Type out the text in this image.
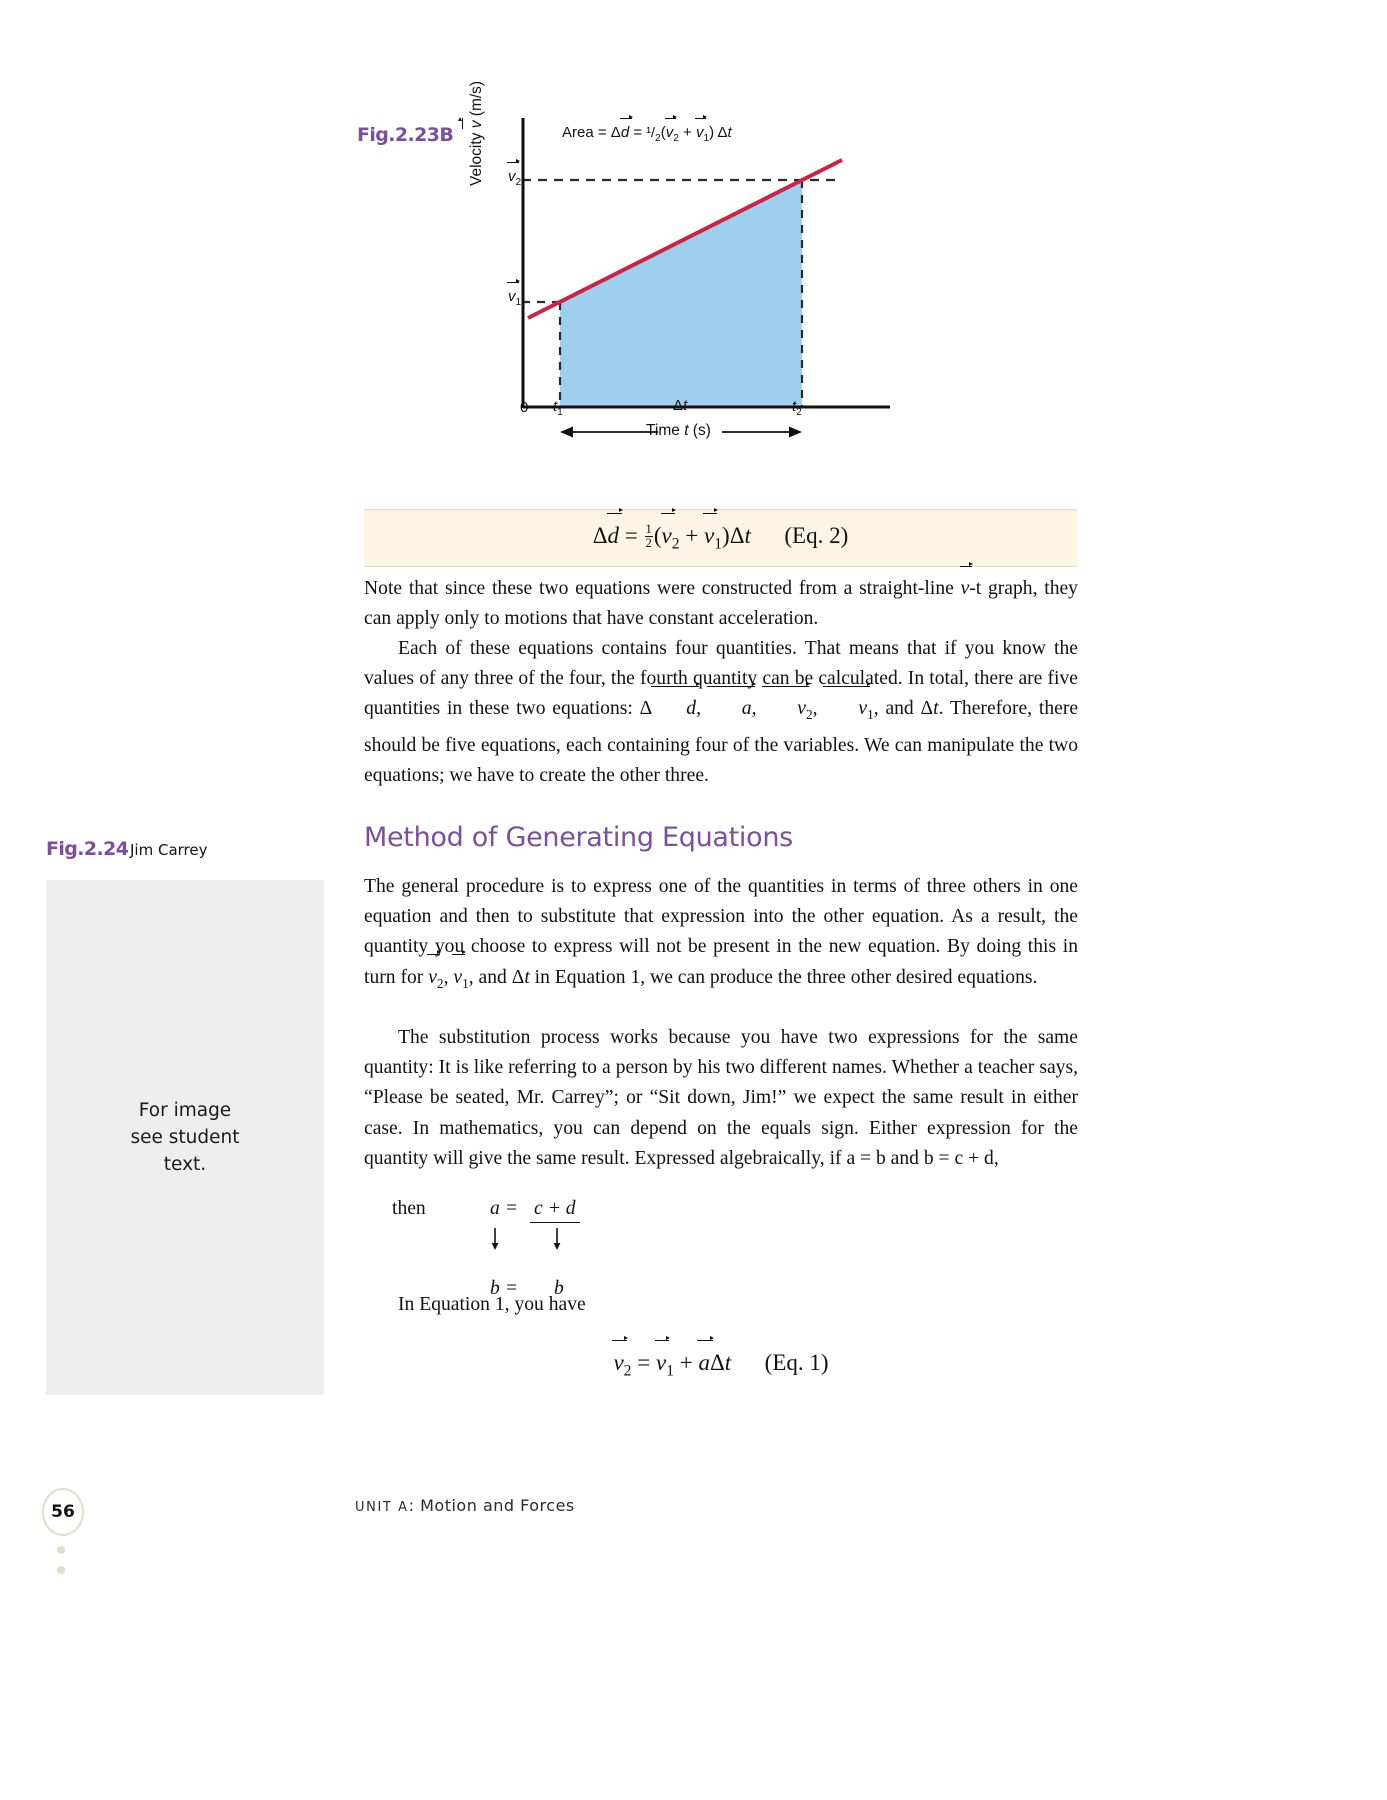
Fig.2.23B	Area = $\Delta d = ^1/_2(v_2 + v_1)$ Δt
Velocity v (m/s)
$v_2$
$v_1$
0 $t_1$	Δt	$t_2$
Time t (s)
$\Delta d = \frac{1}{2} (v_2 + v_1)\Delta t$ (Eq. 2)

Note that since these two equations were constructed from a straight-line v-t graph, they can apply only to motions that have constant acceleration.

Each of these equations contains four quantities. That means that if you know the values of any three of the four, the fourth quantity can be calculated. In total, there are five quantities in these two equations: Δ d, a, $v_2$, $v_1$, and Δt. Therefore, there should be five equations, each containing four of the variables. We can manipulate the two equations; we have to create the other three.

Fig.2.24 Jim Carrey
For image
see student
text.
Method of Generating Equations

The general procedure is to express one of the quantities in terms of three others in one equation and then to substitute that expression into the other equation. As a result, the quantity you choose to express will not be present in the new equation. By doing this in turn for $v_2$, $v_1$, and Δt in Equation 1, we can produce the three other desired equations.

The substitution process works because you have two expressions for the same quantity: It is like referring to a person by his two different names. Whether a teacher says, “Please be seated, Mr. Carrey”; or “Sit down, Jim!” we expect the same result in either case. In mathematics, you can depend on the equals sign. Either expression for the quantity will give the same result. Expressed algebraically, if a = b and b = c + d,

then	a = c + d
b = b
In Equation 1, you have
$v_2 = v_1 + a\Delta t$ (Eq. 1)
56	UNIT A: Motion and Forces
